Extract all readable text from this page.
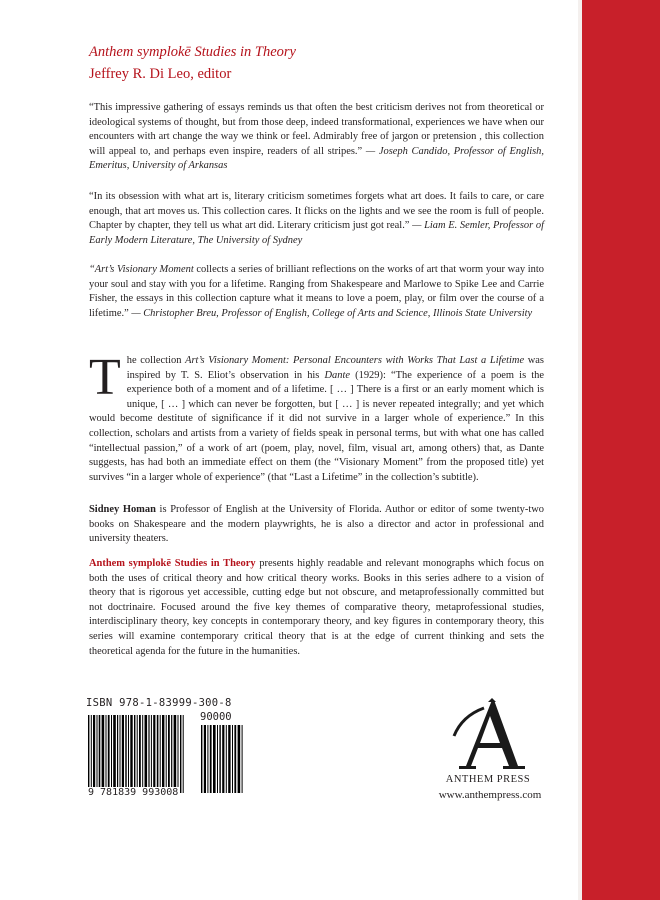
Anthem symplokē Studies in Theory
Jeffrey R. Di Leo, editor
“This impressive gathering of essays reminds us that often the best criticism derives not from theoretical or ideological systems of thought, but from those deep, indeed transformational, experiences we have when our encounters with art change the way we think or feel. Admirably free of jargon or pretension , this collection will appeal to, and perhaps even inspire, readers of all stripes.” — Joseph Candido, Professor of English, Emeritus, University of Arkansas
“In its obsession with what art is, literary criticism sometimes forgets what art does. It fails to care, or care enough, that art moves us. This collection cares. It flicks on the lights and we see the room is full of people. Chapter by chapter, they tell us what art did. Literary criticism just got real.” — Liam E. Semler, Professor of Early Modern Literature, The University of Sydney
“Art’s Visionary Moment collects a series of brilliant reflections on the works of art that worm your way into your soul and stay with you for a lifetime. Ranging from Shakespeare and Marlowe to Spike Lee and Carrie Fisher, the essays in this collection capture what it means to love a poem, play, or film over the course of a lifetime.” — Christopher Breu, Professor of English, College of Arts and Science, Illinois State University
The collection Art’s Visionary Moment: Personal Encounters with Works That Last a Lifetime was inspired by T. S. Eliot’s observation in his Dante (1929): “The experience of a poem is the experience both of a moment and of a lifetime. [ … ] There is a first or an early moment which is unique, [ … ] which can never be forgotten, but [ … ] is never repeated integrally; and yet which would become destitute of significance if it did not survive in a larger whole of experience.” In this collection, scholars and artists from a variety of fields speak in personal terms, but with what one has called “intellectual passion,” of a work of art (poem, play, novel, film, visual art, among others) that, as Dante suggests, has had both an immediate effect on them (the “Visionary Moment” from the proposed title) yet survives “in a larger whole of experience” (that “Last a Lifetime” in the collection’s subtitle).
Sidney Homan is Professor of English at the University of Florida. Author or editor of some twenty-two books on Shakespeare and the modern playwrights, he is also a director and actor in professional and university theaters.
Anthem symplokē Studies in Theory presents highly readable and relevant monographs which focus on both the uses of critical theory and how critical theory works. Books in this series adhere to a vision of theory that is rigorous yet accessible, cutting edge but not obscure, and metaprofessionally committed but not doctrinaire. Focused around the five key themes of comparative theory, metaprofessional studies, interdisciplinary theory, key concepts in contemporary theory, and key figures in contemporary theory, this series will examine contemporary critical theory that is at the edge of current thinking and sets the theoretical agenda for the future in the humanities.
ISBN 978-1-83999-300-8
9 781839 993008
90000
ANTHEM PRESS
www.anthempress.com
